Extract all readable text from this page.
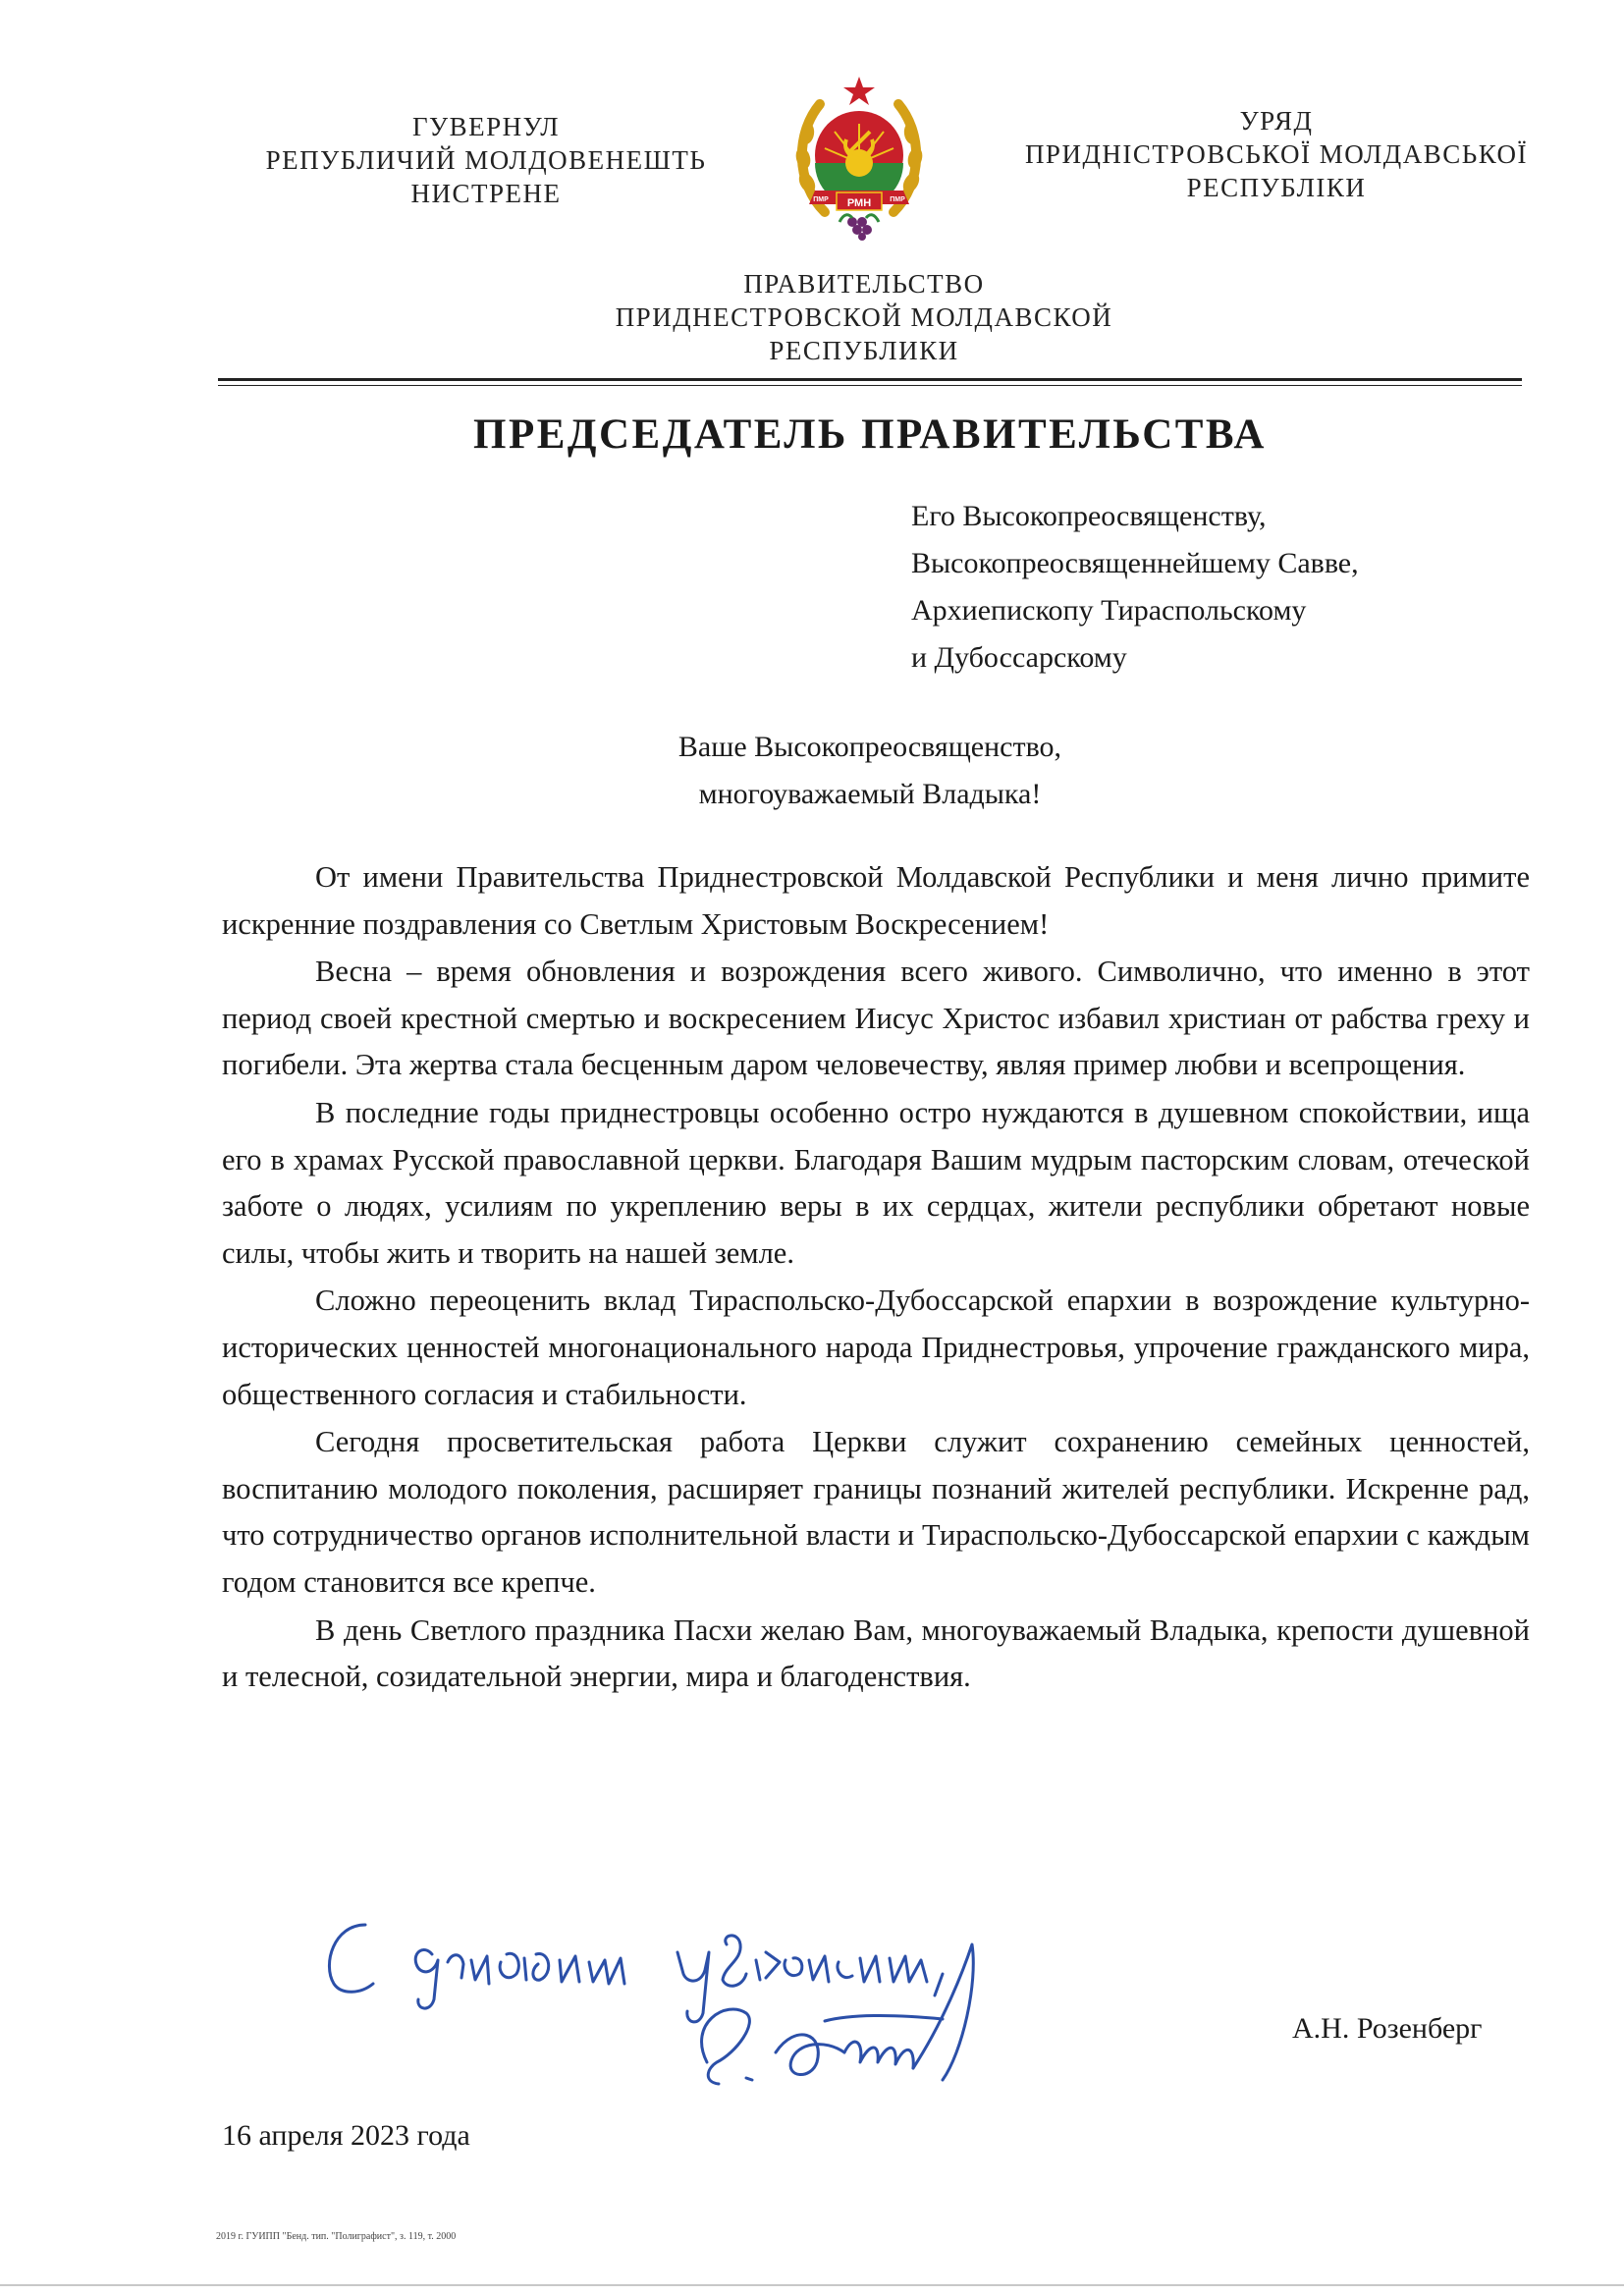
ГУВЕРНУЛ
РЕПУБЛИЧИЙ МОЛДОВЕНЕШТЬ
НИСТРЕНЕ	РМН
ПМР	ПМР
УРЯД
ПРИДНІСТРОВСЬКОЇ МОЛДАВСЬКОЇ
РЕСПУБЛІКИ
ПРАВИТЕЛЬСТВО
ПРИДНЕСТРОВСКОЙ МОЛДАВСКОЙ
РЕСПУБЛИКИ
ПРЕДСЕДАТЕЛЬ ПРАВИТЕЛЬСТВА
Его Высокопреосвященству,
Высокопреосвященнейшему Савве,
Архиепископу Тираспольскому
и Дубоссарскому
Ваше Высокопреосвященство,
многоуважаемый Владыка!

От имени Правительства Приднестровской Молдавской Республики и меня лично примите искренние поздравления со Светлым Христовым Воскресением!

Весна – время обновления и возрождения всего живого. Символично, что именно в этот период своей крестной смертью и воскресением Иисус Христос избавил христиан от рабства греху и погибели. Эта жертва стала бесценным даром человечеству, являя пример любви и всепрощения.

В последние годы приднестровцы особенно остро нуждаются в душевном спокойствии, ища его в храмах Русской православной церкви. Благодаря Вашим мудрым пасторским словам, отеческой заботе о людях, усилиям по укреплению веры в их сердцах, жители республики обретают новые силы, чтобы жить и творить на нашей земле.

Сложно переоценить вклад Тираспольско-Дубоссарской епархии в возрождение культурно-исторических ценностей многонационального народа Приднестровья, упрочение гражданского мира, общественного согласия и стабильности.

Сегодня просветительская работа Церкви служит сохранению семейных ценностей, воспитанию молодого поколения, расширяет границы познаний жителей республики. Искренне рад, что сотрудничество органов исполнительной власти и Тираспольско-Дубоссарской епархии с каждым годом становится все крепче.

В день Светлого праздника Пасхи желаю Вам, многоуважаемый Владыка, крепости душевной и телесной, созидательной энергии, мира и благоденствия.

А.Н. Розенберг
16 апреля 2023 года
2019 г. ГУИПП "Бенд. тип. "Полиграфист", з. 119, т. 2000
